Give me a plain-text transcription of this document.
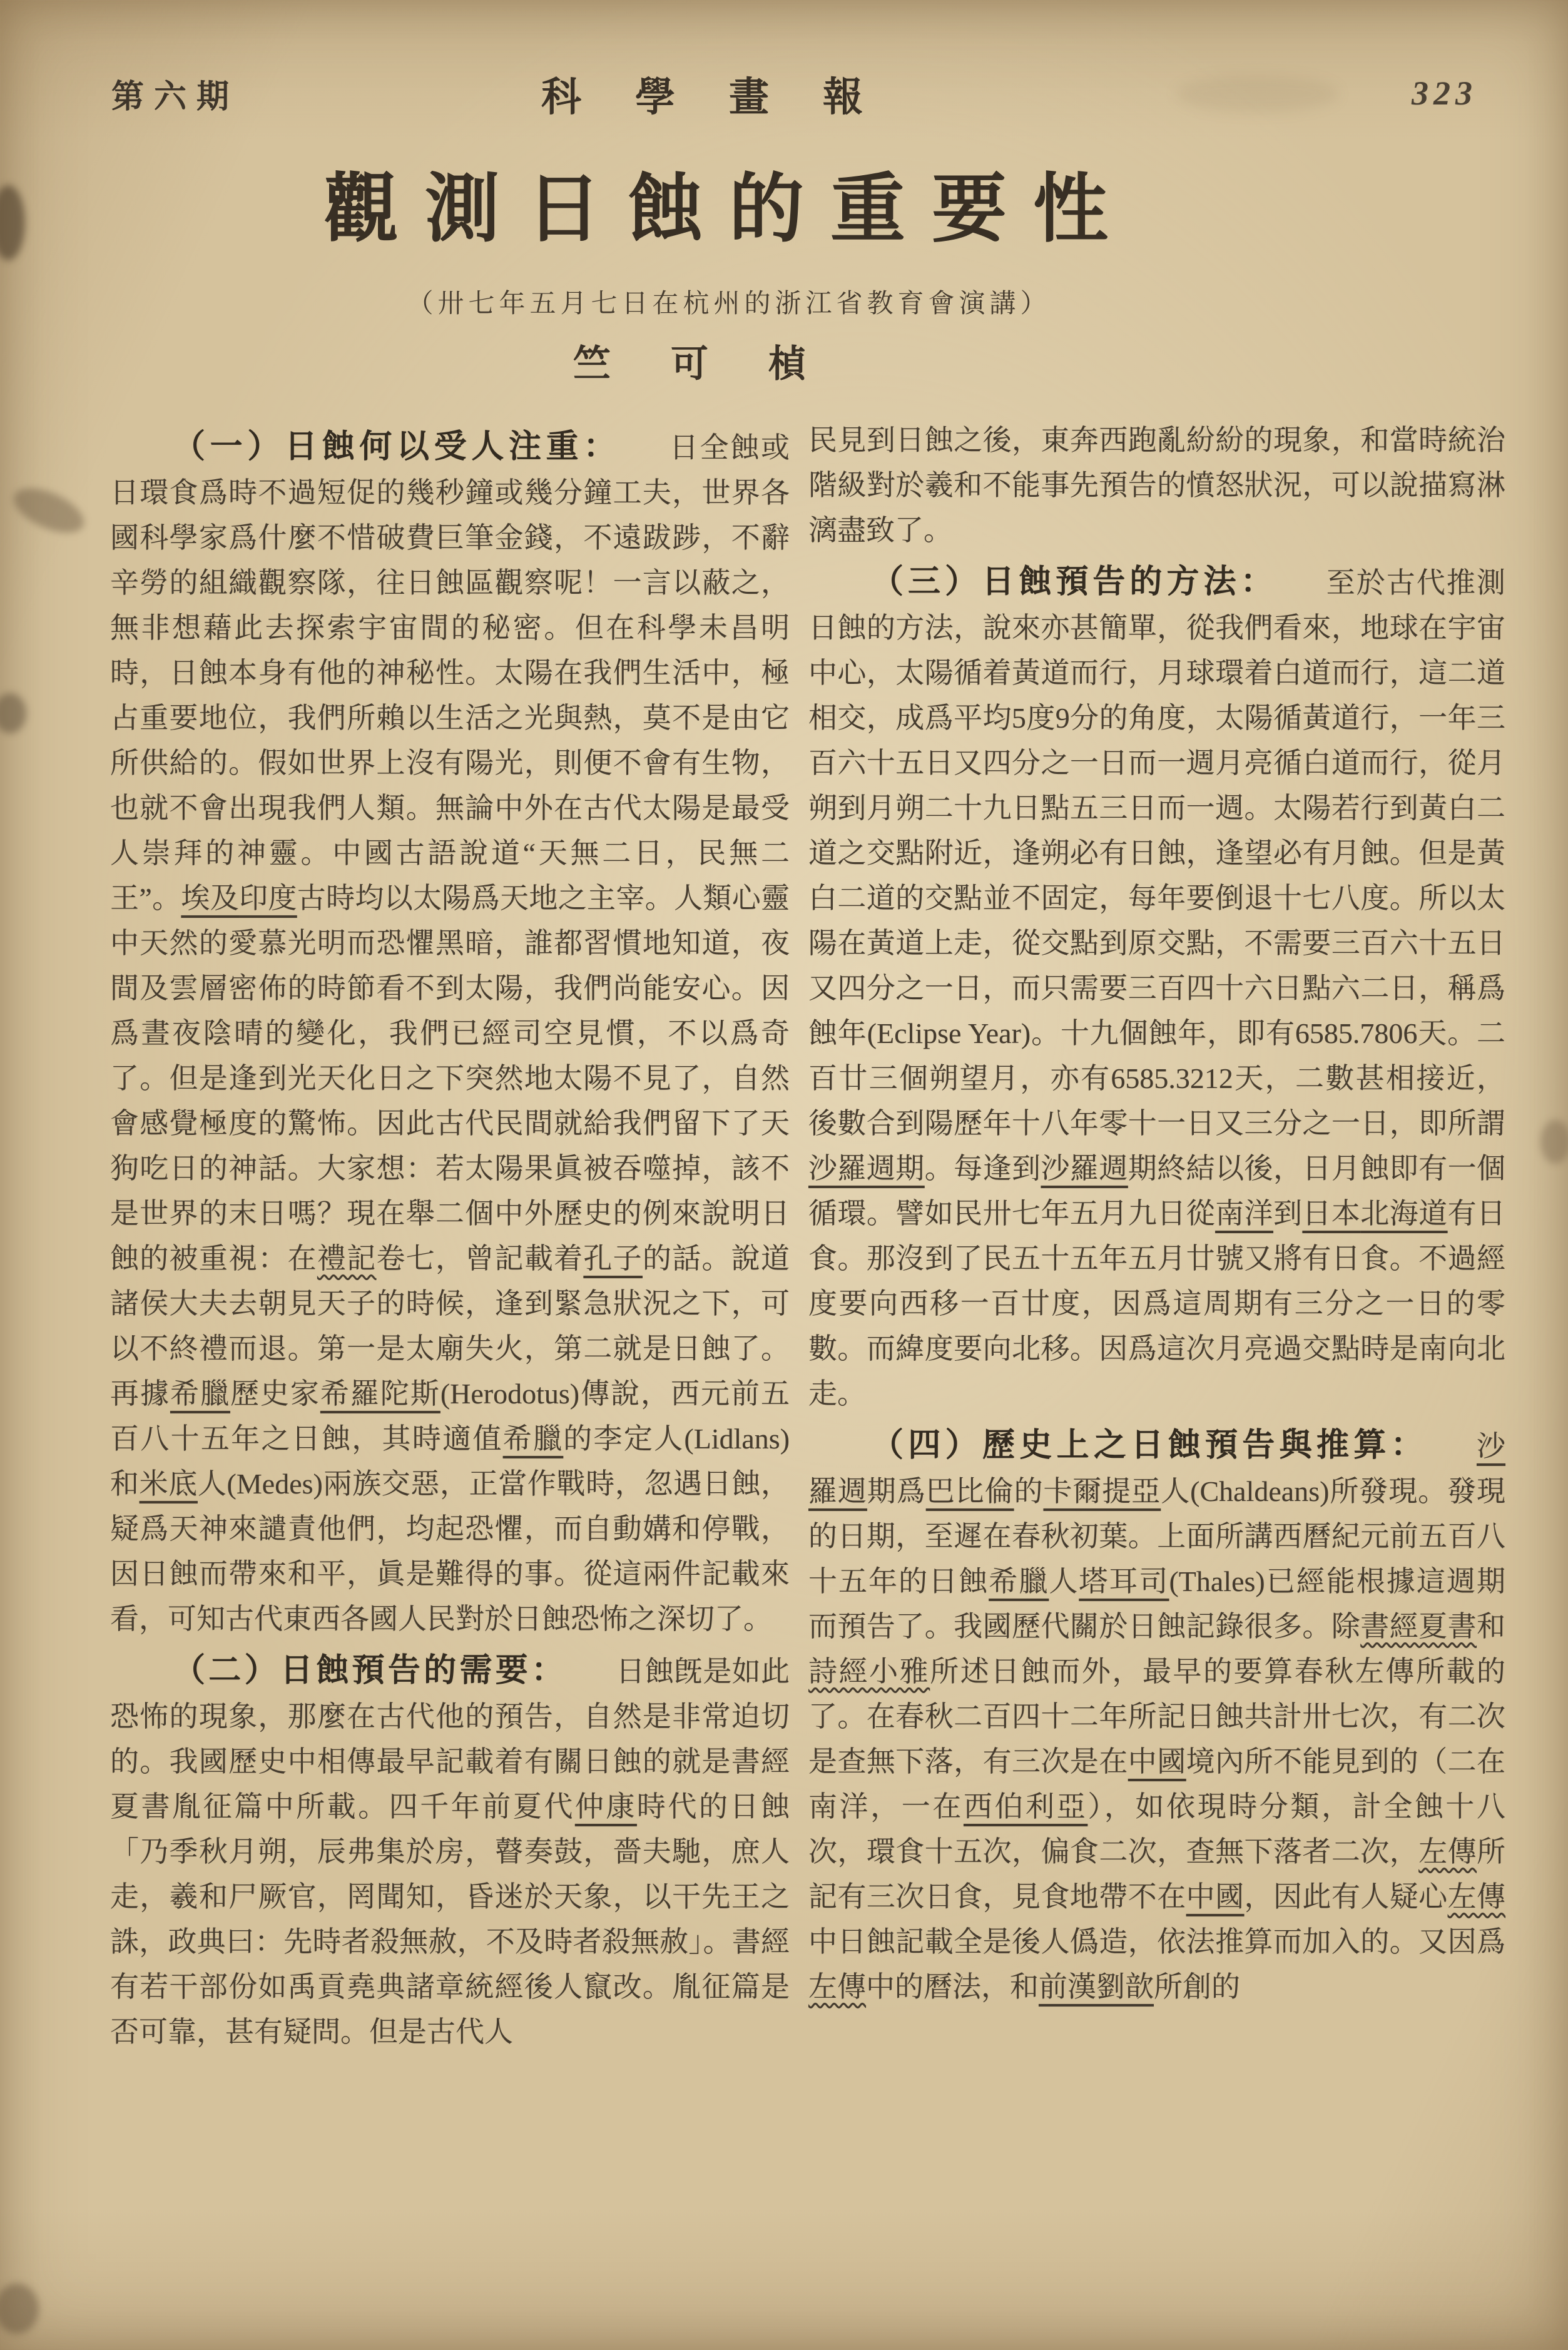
第六期	科學畫報	323
觀測日蝕的重要性
（卅七年五月七日在杭州的浙江省教育會演講）
竺可楨

（一）日蝕何以受人注重： 日全蝕或日環食爲時不過短促的幾秒鐘或幾分鐘工夫，世界各國科學家爲什麼不惜破費巨筆金錢，不遠跋踄，不辭辛勞的組織觀察隊，往日蝕區觀察呢！一言以蔽之，無非想藉此去探索宇宙間的秘密。但在科學未昌明時，日蝕本身有他的神秘性。太陽在我們生活中，極占重要地位，我們所賴以生活之光與熱，莫不是由它所供給的。假如世界上沒有陽光，則便不會有生物，也就不會出現我們人類。無論中外在古代太陽是最受人崇拜的神靈。中國古語說道“天無二日，民無二王”。埃及印度古時均以太陽爲天地之主宰。人類心靈中天然的愛慕光明而恐懼黑暗，誰都習慣地知道，夜間及雲層密佈的時節看不到太陽，我們尚能安心。因爲晝夜陰晴的變化，我們已經司空見慣，不以爲奇了。但是逢到光天化日之下突然地太陽不見了，自然會感覺極度的驚怖。因此古代民間就給我們留下了天狗吃日的神話。大家想：若太陽果眞被吞噬掉，該不是世界的末日嗎？現在舉二個中外歷史的例來說明日蝕的被重視：在禮記卷七，曾記載着孔子的話。說道諸侯大夫去朝見天子的時候，逢到緊急狀況之下，可以不終禮而退。第一是太廟失火，第二就是日蝕了。再據希臘歷史家希羅陀斯(Herodotus)傳說，西元前五百八十五年之日蝕，其時適值希臘的李定人(Lidlans)和米底人(Medes)兩族交惡，正當作戰時，忽遇日蝕，疑爲天神來譴責他們，均起恐懼，而自動媾和停戰，因日蝕而帶來和平，眞是難得的事。從這兩件記載來看，可知古代東西各國人民對於日蝕恐怖之深切了。

（二）日蝕預告的需要： 日蝕旣是如此恐怖的現象，那麼在古代他的預告，自然是非常迫切的。我國歷史中相傳最早記載着有關日蝕的就是書經夏書胤征篇中所載。四千年前夏代仲康時代的日蝕「乃季秋月朔，辰弗集於房，瞽奏鼓，嗇夫馳，庶人走，羲和尸厥官，罔聞知，昏迷於天象，以干先王之誅，政典曰：先時者殺無赦，不及時者殺無赦」。書經有若干部份如禹貢堯典諸章統經後人竄改。胤征篇是否可靠，甚有疑問。但是古代人

民見到日蝕之後，東奔西跑亂紛紛的現象，和當時統治階級對於羲和不能事先預告的憤怒狀況，可以說描寫淋漓盡致了。

（三）日蝕預告的方法： 至於古代推測日蝕的方法，說來亦甚簡單，從我們看來，地球在宇宙中心，太陽循着黃道而行，月球環着白道而行，這二道相交，成爲平均5度9分的角度，太陽循黃道行，一年三百六十五日又四分之一日而一週月亮循白道而行，從月朔到月朔二十九日點五三日而一週。太陽若行到黃白二道之交點附近，逢朔必有日蝕，逢望必有月蝕。但是黃白二道的交點並不固定，每年要倒退十七八度。所以太陽在黃道上走，從交點到原交點，不需要三百六十五日又四分之一日，而只需要三百四十六日點六二日，稱爲蝕年(Eclipse Year)。十九個蝕年，即有6585.7806天。二百廿三個朔望月，亦有6585.3212天，二數甚相接近，後數合到陽歷年十八年零十一日又三分之一日，即所謂沙羅週期。每逢到沙羅週期終結以後，日月蝕即有一個循環。譬如民卅七年五月九日從南洋到日本北海道有日食。那沒到了民五十五年五月廿號又將有日食。不過經度要向西移一百廿度，因爲這周期有三分之一日的零數。而緯度要向北移。因爲這次月亮過交點時是南向北走。

（四）歷史上之日蝕預告與推算： 沙羅週期爲巴比倫的卡爾提亞人(Chaldeans)所發現。發現的日期，至遲在春秋初葉。上面所講西曆紀元前五百八十五年的日蝕希臘人塔耳司(Thales)已經能根據這週期而預告了。我國歷代關於日蝕記錄很多。除書經夏書和詩經小雅所述日蝕而外，最早的要算春秋左傳所載的了。在春秋二百四十二年所記日蝕共計卅七次，有二次是查無下落，有三次是在中國境內所不能見到的（二在南洋，一在西伯利亞），如依現時分類，計全蝕十八次，環食十五次，偏食二次，查無下落者二次，左傳所記有三次日食，見食地帶不在中國，因此有人疑心左傳中日蝕記載全是後人僞造，依法推算而加入的。又因爲左傳中的曆法，和前漢劉歆所創的
